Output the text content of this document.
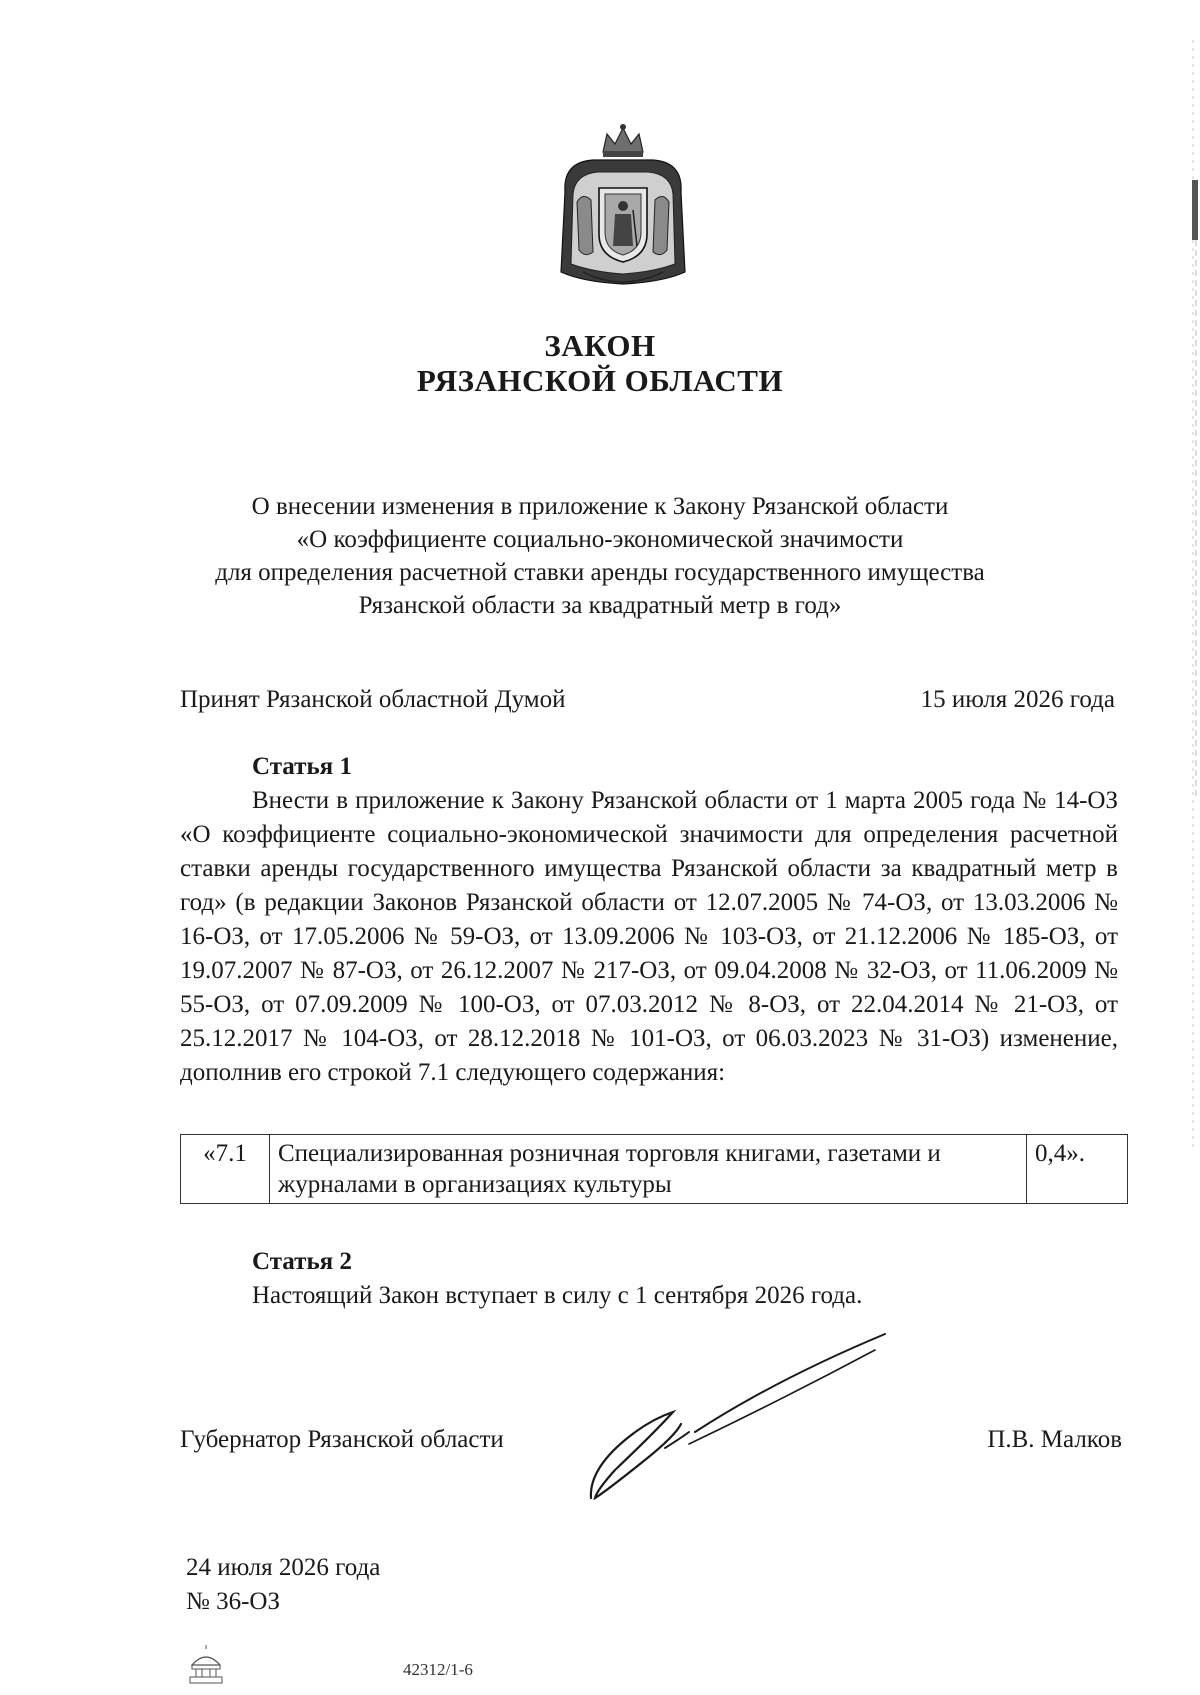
ЗАКОН
РЯЗАНСКОЙ ОБЛАСТИ
О внесении изменения в приложение к Закону Рязанской области
«О коэффициенте социально-экономической значимости
для определения расчетной ставки аренды государственного имущества
Рязанской области за квадратный метр в год»
Принят Рязанской областной Думой	15 июля 2026 года
Статья 1
Внести в приложение к Закону Рязанской области от 1 марта 2005 года № 14-ОЗ «О коэффициенте социально-экономической значимости для определения расчетной ставки аренды государственного имущества Рязанской области за квадратный метр в год» (в редакции Законов Рязанской области от 12.07.2005 № 74-ОЗ, от 13.03.2006 № 16-ОЗ, от 17.05.2006 № 59-ОЗ, от 13.09.2006 № 103-ОЗ, от 21.12.2006 № 185-ОЗ, от 19.07.2007 № 87-ОЗ, от 26.12.2007 № 217-ОЗ, от 09.04.2008 № 32-ОЗ, от 11.06.2009 № 55-ОЗ, от 07.09.2009 № 100-ОЗ, от 07.03.2012 № 8-ОЗ, от 22.04.2014 № 21-ОЗ, от 25.12.2017 № 104-ОЗ, от 28.12.2018 № 101-ОЗ, от 06.03.2023 № 31-ОЗ) изменение, дополнив его строкой 7.1 следующего содержания:
«7.1	Специализированная розничная торговля книгами, газетами и журналами в организациях культуры	0,4».
Статья 2
Настоящий Закон вступает в силу с 1 сентября 2026 года.
Губернатор Рязанской области	П.В. Малков
24 июля 2026 года
№ 36-ОЗ
42312/1-6
